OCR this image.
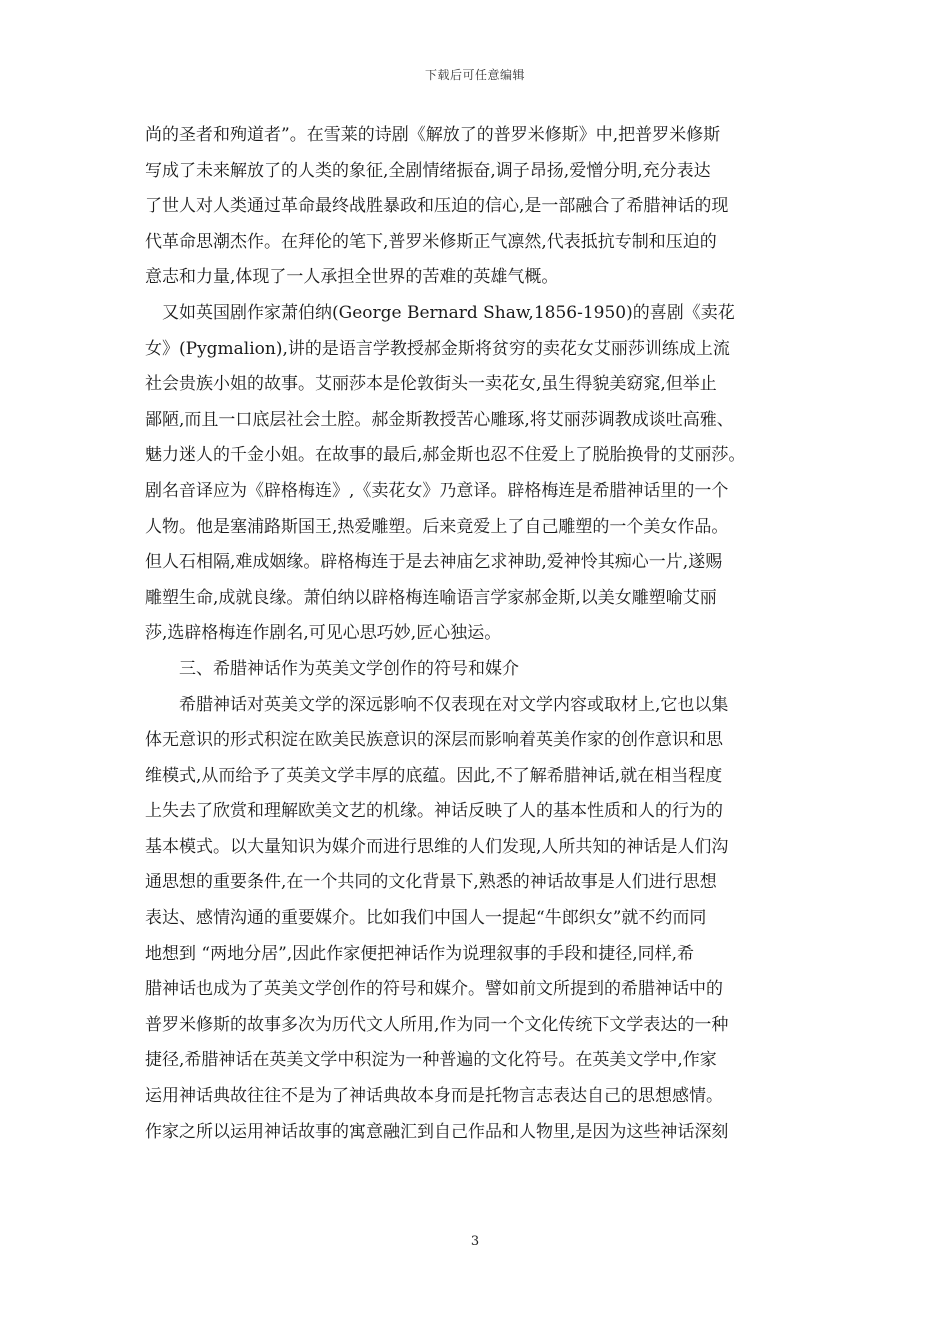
下载后可任意编辑
尚的圣者和殉道者”。在雪莱的诗剧《解放了的普罗米修斯》中,把普罗米修斯
写成了未来解放了的人类的象征,全剧情绪振奋,调子昂扬,爱憎分明,充分表达
了世人对人类通过革命最终战胜暴政和压迫的信心,是一部融合了希腊神话的现
代革命思潮杰作。在拜伦的笔下,普罗米修斯正气凛然,代表抵抗专制和压迫的
意志和力量,体现了一人承担全世界的苦难的英雄气概。
　又如英国剧作家萧伯纳(George Bernard Shaw,1856-1950)的喜剧《卖花
女》(Pygmalion),讲的是语言学教授郝金斯将贫穷的卖花女艾丽莎训练成上流
社会贵族小姐的故事。艾丽莎本是伦敦街头一卖花女,虽生得貌美窈窕,但举止
鄙陋,而且一口底层社会土腔。郝金斯教授苦心雕琢,将艾丽莎调教成谈吐高雅、
魅力迷人的千金小姐。在故事的最后,郝金斯也忍不住爱上了脱胎换骨的艾丽莎。
剧名音译应为《辟格梅连》,《卖花女》乃意译。辟格梅连是希腊神话里的一个
人物。他是塞浦路斯国王,热爱雕塑。后来竟爱上了自己雕塑的一个美女作品。
但人石相隔,难成姻缘。辟格梅连于是去神庙乞求神助,爱神怜其痴心一片,遂赐
雕塑生命,成就良缘。萧伯纳以辟格梅连喻语言学家郝金斯,以美女雕塑喻艾丽
莎,选辟格梅连作剧名,可见心思巧妙,匠心独运。
　　三、希腊神话作为英美文学创作的符号和媒介
　　希腊神话对英美文学的深远影响不仅表现在对文学内容或取材上,它也以集
体无意识的形式积淀在欧美民族意识的深层而影响着英美作家的创作意识和思
维模式,从而给予了英美文学丰厚的底蕴。因此,不了解希腊神话,就在相当程度
上失去了欣赏和理解欧美文艺的机缘。神话反映了人的基本性质和人的行为的
基本模式。以大量知识为媒介而进行思维的人们发现,人所共知的神话是人们沟
通思想的重要条件,在一个共同的文化背景下,熟悉的神话故事是人们进行思想
表达、感情沟通的重要媒介。比如我们中国人一提起“牛郎织女”就不约而同
地想到 “两地分居”,因此作家便把神话作为说理叙事的手段和捷径,同样,希
腊神话也成为了英美文学创作的符号和媒介。譬如前文所提到的希腊神话中的
普罗米修斯的故事多次为历代文人所用,作为同一个文化传统下文学表达的一种
捷径,希腊神话在英美文学中积淀为一种普遍的文化符号。在英美文学中,作家
运用神话典故往往不是为了神话典故本身而是托物言志表达自己的思想感情。
作家之所以运用神话故事的寓意融汇到自己作品和人物里,是因为这些神话深刻
3
